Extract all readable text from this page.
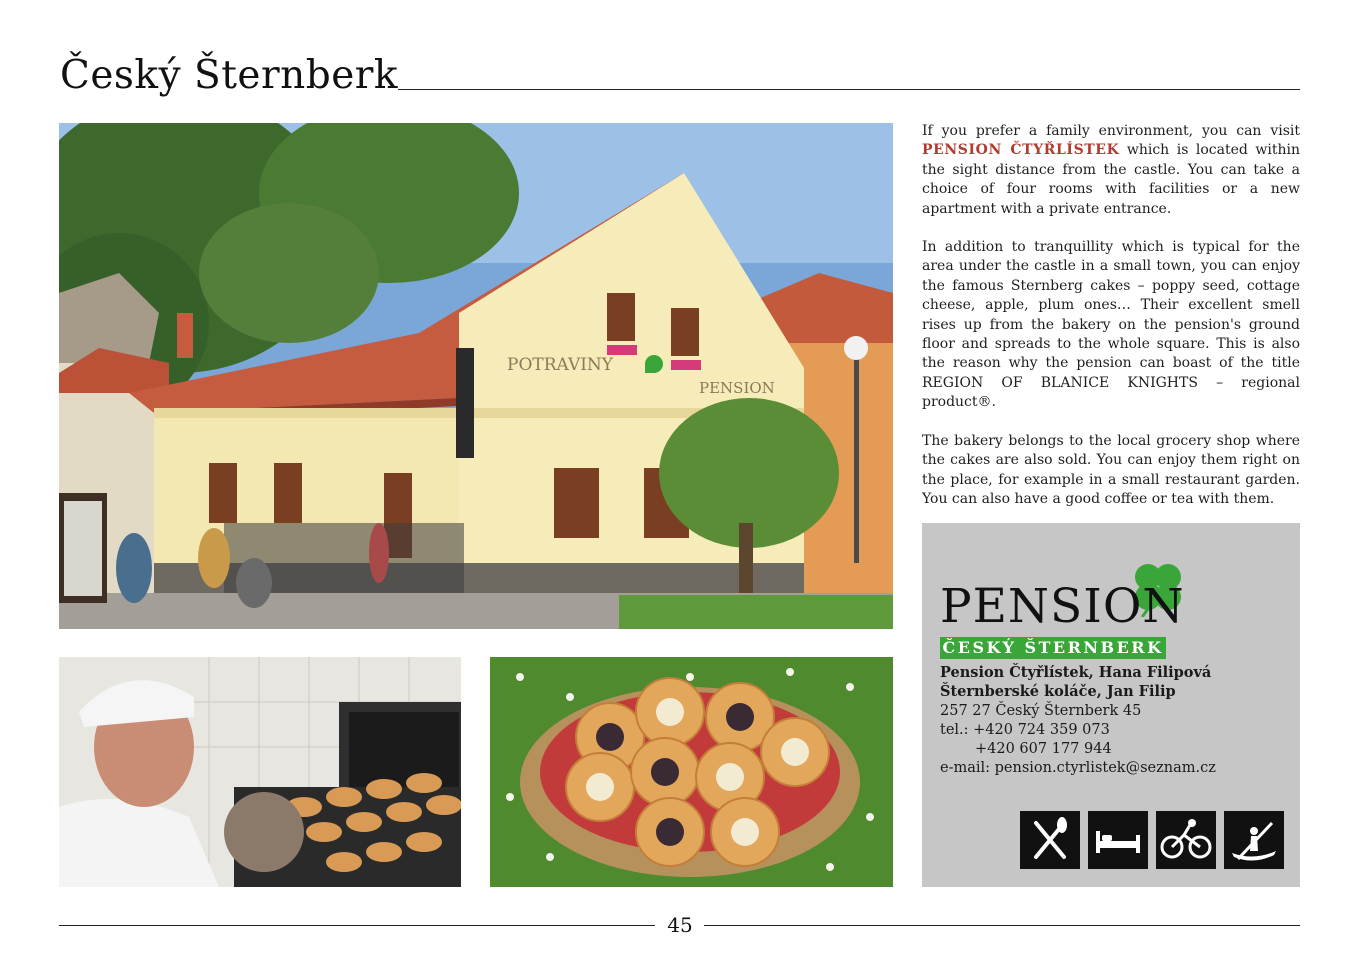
Český Šternberk
POTRAVINY
PENSION

If you prefer a family environment, you can visit PENSION ČTYŘLÍSTEK which is located within the sight distance from the castle. You can take a choice of four rooms with facilities or a new apartment with a private entrance.

In addition to tranquillity which is typical for the area under the castle in a small town, you can enjoy the famous Sternberg cakes – poppy seed, cottage cheese, apple, plum ones… Their excellent smell rises up from the bakery on the pension's ground floor and spreads to the whole square. This is also the reason why the pension can boast of the title REGION OF BLANICE KNIGHTS – regional product®.

The bakery belongs to the local grocery shop where the cakes are also sold. You can enjoy them right on the place, for example in a small restaurant garden. You can also have a good coffee or tea with them.

PENSION
ČESKÝ ŠTERNBERK
Pension Čtyřlístek, Hana Filipová
Šternberské koláče, Jan Filip
257 27 Český Šternberk 45
tel.: +420 724 359 073
+420 607 177 944
e-mail: pension.ctyrlistek@seznam.cz
45
